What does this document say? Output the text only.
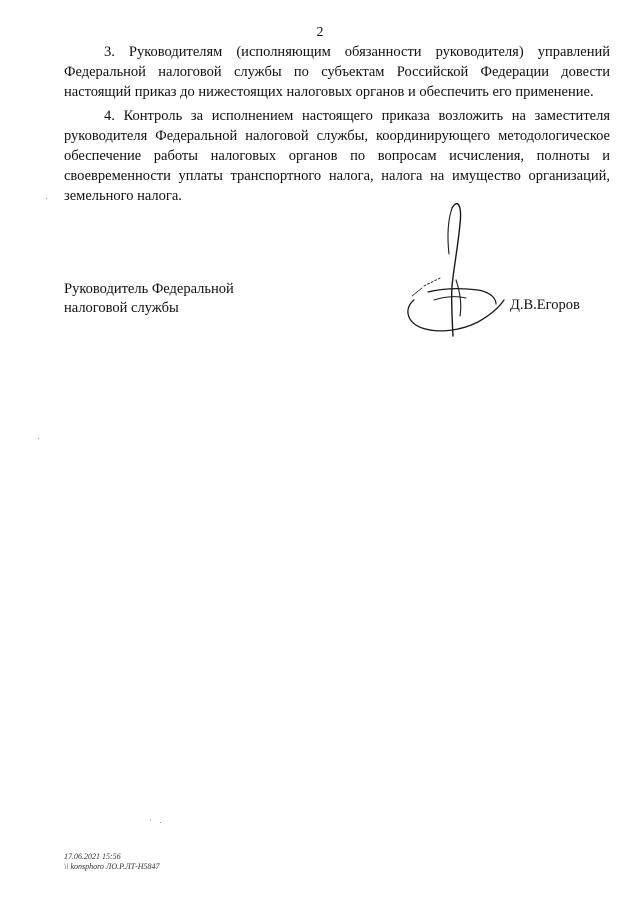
2

3. Руководителям (исполняющим обязанности руководителя) управлений Федеральной налоговой службы по субъектам Российской Федерации довести настоящий приказ до нижестоящих налоговых органов и обеспечить его применение.

4. Контроль за исполнением настоящего приказа возложить на заместителя руководителя Федеральной налоговой службы, координирующего методологическое обеспечение работы налоговых органов по вопросам исчисления, полноты и своевременности уплаты транспортного налога, налога на имущество организаций, земельного налога.

Руководитель Федеральной
налоговой службы	Д.В.Егоров
17.06.2021 15:56
\\ konsphoro ЛО.Р.ЛТ-Н5847
